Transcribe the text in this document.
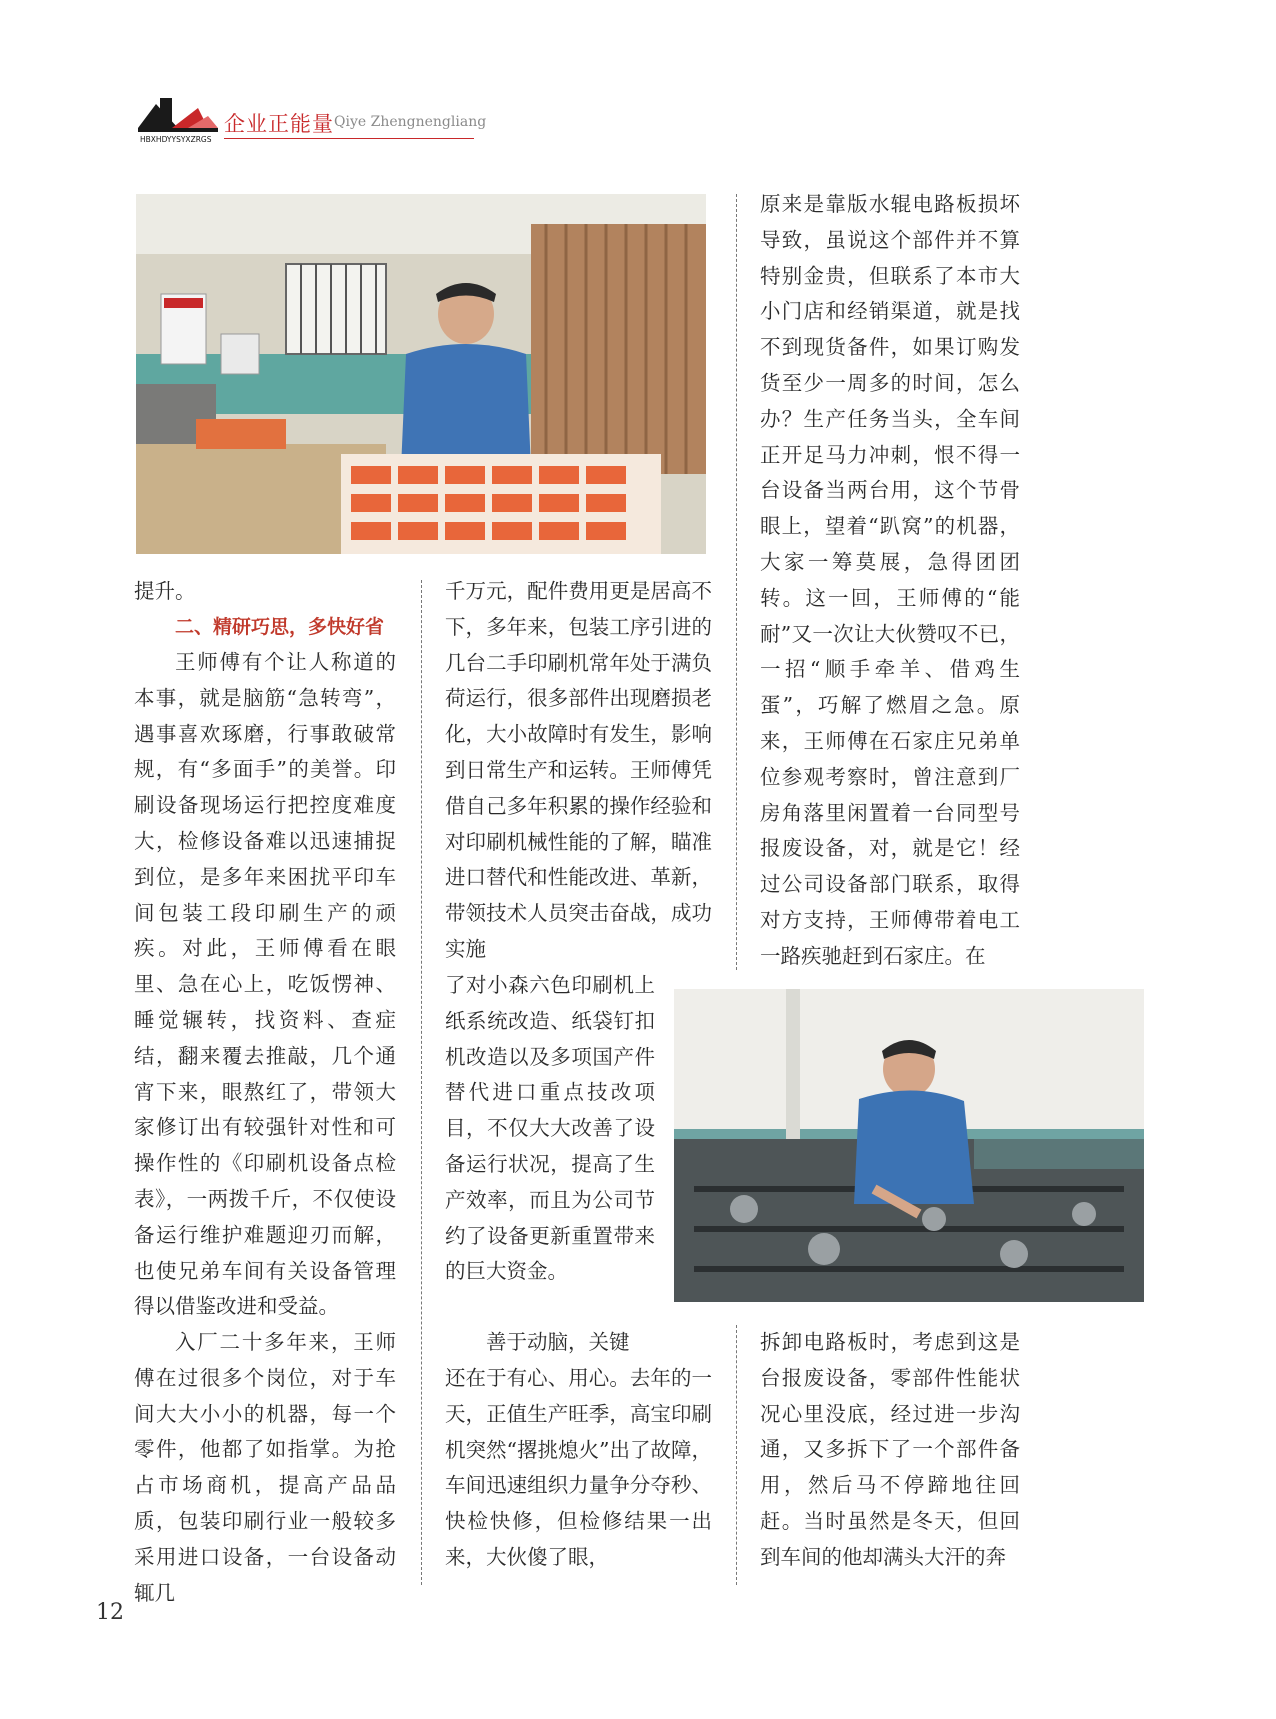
HBXHDYYSYXZRGS
企业正能量 Qiye Zhengnengliang

提升。

二、精研巧思，多快好省

王师傅有个让人称道的本事，就是脑筋“急转弯”，遇事喜欢琢磨，行事敢破常规，有“多面手”的美誉。印刷设备现场运行把控度难度大，检修设备难以迅速捕捉到位，是多年来困扰平印车间包装工段印刷生产的顽疾。对此，王师傅看在眼里、急在心上，吃饭愣神、睡觉辗转，找资料、查症结，翻来覆去推敲，几个通宵下来，眼熬红了，带领大家修订出有较强针对性和可操作性的《印刷机设备点检表》，一两拨千斤，不仅使设备运行维护难题迎刃而解，也使兄弟车间有关设备管理得以借鉴改进和受益。

入厂二十多年来，王师傅在过很多个岗位，对于车间大大小小的机器，每一个零件，他都了如指掌。为抢占市场商机，提高产品品质，包装印刷行业一般较多采用进口设备，一台设备动辄几

千万元，配件费用更是居高不下，多年来，包装工序引进的几台二手印刷机常年处于满负荷运行，很多部件出现磨损老化，大小故障时有发生，影响到日常生产和运转。王师傅凭借自己多年积累的操作经验和对印刷机械性能的了解，瞄准进口替代和性能改进、革新，带领技术人员突击奋战，成功实施

了对小森六色印刷机上纸系统改造、纸袋钉扣机改造以及多项国产件替代进口重点技改项目，不仅大大改善了设备运行状况，提高了生产效率，而且为公司节约了设备更新重置带来的巨大资金。

善于动脑，关键

还在于有心、用心。去年的一天，正值生产旺季，高宝印刷机突然“撂挑熄火”出了故障，车间迅速组织力量争分夺秒、快检快修，但检修结果一出来，大伙傻了眼，

原来是靠版水辊电路板损坏导致，虽说这个部件并不算特别金贵，但联系了本市大小门店和经销渠道，就是找不到现货备件，如果订购发货至少一周多的时间，怎么办？生产任务当头，全车间正开足马力冲刺，恨不得一台设备当两台用，这个节骨眼上，望着“趴窝”的机器，大家一筹莫展，急得团团转。这一回，王师傅的“能耐”又一次让大伙赞叹不已，一招“顺手牵羊、借鸡生蛋”，巧解了燃眉之急。原来，王师傅在石家庄兄弟单位参观考察时，曾注意到厂房角落里闲置着一台同型号报废设备，对，就是它！经过公司设备部门联系，取得对方支持，王师傅带着电工一路疾驰赶到石家庄。在

拆卸电路板时，考虑到这是台报废设备，零部件性能状况心里没底，经过进一步沟通，又多拆下了一个部件备用，然后马不停蹄地往回赶。当时虽然是冬天，但回到车间的他却满头大汗的奔

12
